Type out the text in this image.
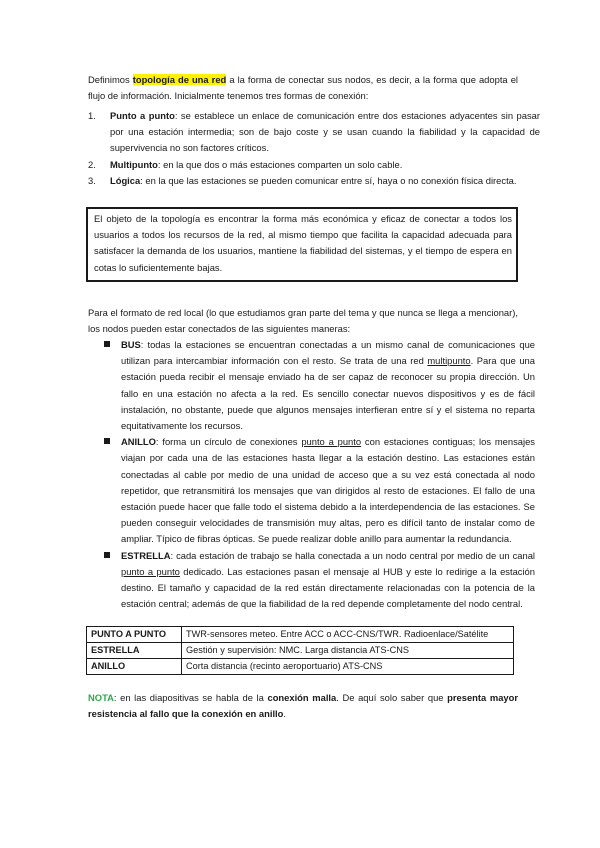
Definimos topología de una red a la forma de conectar sus nodos, es decir, a la forma que adopta el flujo de información. Inicialmente tenemos tres formas de conexión:

1. Punto a punto: se establece un enlace de comunicación entre dos estaciones adyacentes sin pasar por una estación intermedia; son de bajo coste y se usan cuando la fiabilidad y la capacidad de supervivencia no son factores críticos.
2. Multipunto: en la que dos o más estaciones comparten un solo cable.
3. Lógica: en la que las estaciones se pueden comunicar entre sí, haya o no conexión física directa.
El objeto de la topología es encontrar la forma más económica y eficaz de conectar a todos los usuarios a todos los recursos de la red, al mismo tiempo que facilita la capacidad adecuada para satisfacer la demanda de los usuarios, mantiene la fiabilidad del sistemas, y el tiempo de espera en cotas lo suficientemente bajas.

Para el formato de red local (lo que estudiamos gran parte del tema y que nunca se llega a mencionar), los nodos pueden estar conectados de las siguientes maneras:

BUS: todas la estaciones se encuentran conectadas a un mismo canal de comunicaciones que utilizan para intercambiar información con el resto. Se trata de una red multipunto. Para que una estación pueda recibir el mensaje enviado ha de ser capaz de reconocer su propia dirección. Un fallo en una estación no afecta a la red. Es sencillo conectar nuevos dispositivos y es de fácil instalación, no obstante, puede que algunos mensajes interfieran entre sí y el sistema no reparta equitativamente los recursos.
ANILLO: forma un círculo de conexiones punto a punto con estaciones contiguas; los mensajes viajan por cada una de las estaciones hasta llegar a la estación destino. Las estaciones están conectadas al cable por medio de una unidad de acceso que a su vez está conectada al nodo repetidor, que retransmitirá los mensajes que van dirigidos al resto de estaciones. El fallo de una estación puede hacer que falle todo el sistema debido a la interdependencia de las estaciones. Se pueden conseguir velocidades de transmisión muy altas, pero es difícil tanto de instalar como de ampliar. Típico de fibras ópticas. Se puede realizar doble anillo para aumentar la redundancia.
ESTRELLA: cada estación de trabajo se halla conectada a un nodo central por medio de un canal punto a punto dedicado. Las estaciones pasan el mensaje al HUB y este lo redirige a la estación destino. El tamaño y capacidad de la red están directamente relacionadas con la potencia de la estación central; además de que la fiabilidad de la red depende completamente del nodo central.
PUNTO A PUNTO	TWR-sensores meteo. Entre ACC o ACC-CNS/TWR. Radioenlace/Satélite
ESTRELLA	Gestión y supervisión: NMC. Larga distancia ATS-CNS
ANILLO	Corta distancia (recinto aeroportuario) ATS-CNS

NOTA: en las diapositivas se habla de la conexión malla. De aquí solo saber que presenta mayor resistencia al fallo que la conexión en anillo.
